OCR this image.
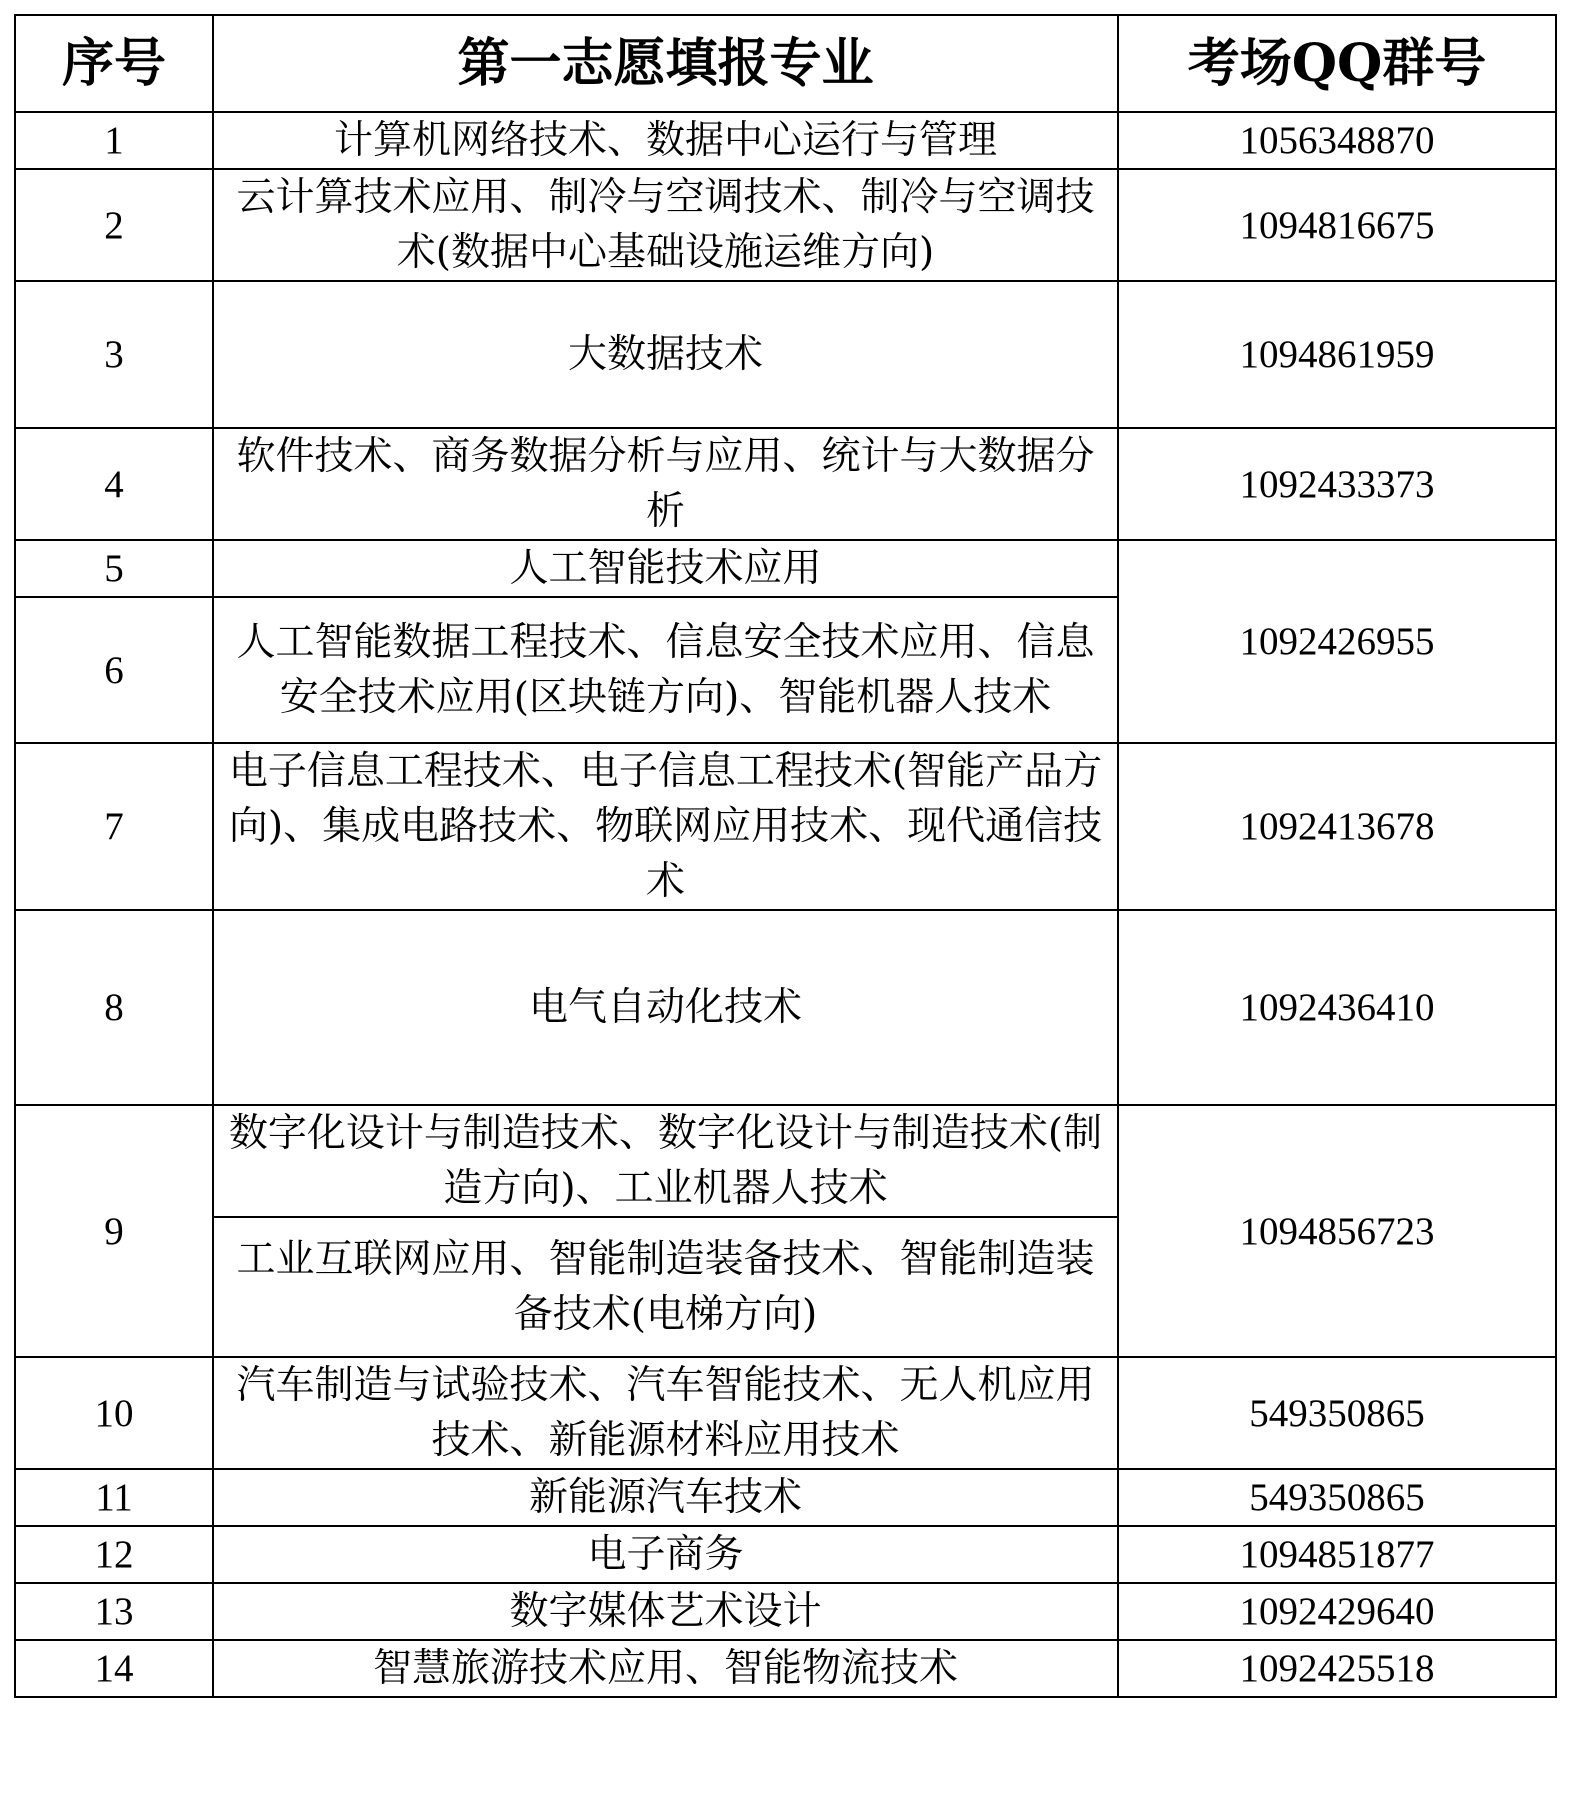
序号	第一志愿填报专业	考场QQ群号
1	计算机网络技术、数据中心运行与管理	1056348870
2	云计算技术应用、制冷与空调技术、制冷与空调技术(数据中心基础设施运维方向)	1094816675
3	大数据技术	1094861959
4	软件技术、商务数据分析与应用、统计与大数据分析	1092433373
5	人工智能技术应用	1092426955
6	人工智能数据工程技术、信息安全技术应用、信息安全技术应用(区块链方向)、智能机器人技术	
7	电子信息工程技术、电子信息工程技术(智能产品方向)、集成电路技术、物联网应用技术、现代通信技术	1092413678
8	电气自动化技术	1092436410
9	数字化设计与制造技术、数字化设计与制造技术(制造方向)、工业机器人技术	1094856723
	工业互联网应用、智能制造装备技术、智能制造装备技术(电梯方向)	
10	汽车制造与试验技术、汽车智能技术、无人机应用技术、新能源材料应用技术	549350865
11	新能源汽车技术	549350865
12	电子商务	1094851877
13	数字媒体艺术设计	1092429640
14	智慧旅游技术应用、智能物流技术	1092425518
